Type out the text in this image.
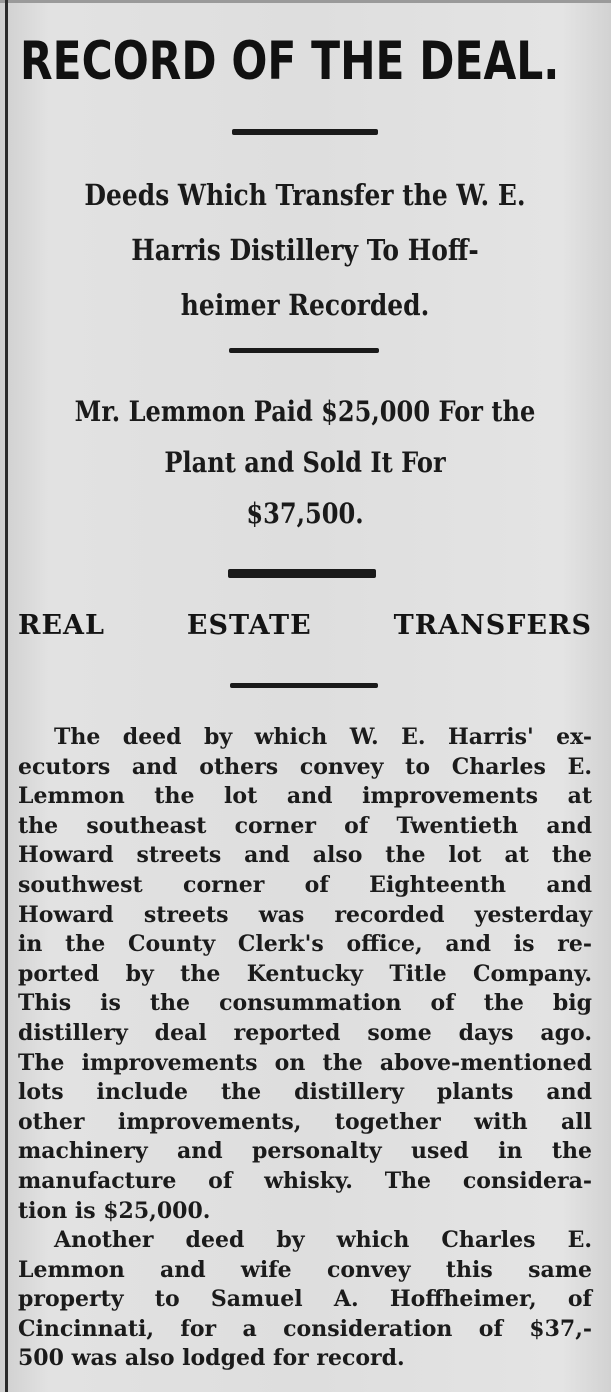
RECORD OF THE DEAL.
Deeds Which Transfer the W. E.
Harris Distillery To Hoff-
heimer Recorded.
Mr. Lemmon Paid $25,000 For the
Plant and Sold It For
$37,500.
REAL	ESTATE	TRANSFERS
The deed by which W. E. Harris' ex-
ecutors and others convey to Charles E.
Lemmon the lot and improvements at
the southeast corner of Twentieth and
Howard streets and also the lot at the
southwest corner of Eighteenth and
Howard streets was recorded yesterday
in the County Clerk's office, and is re-
ported by the Kentucky Title Company.
This is the consummation of the big
distillery deal reported some days ago.
The improvements on the above-mentioned
lots include the distillery plants and
other improvements, together with all
machinery and personalty used in the
manufacture of whisky. The considera-
tion is $25,000.
Another deed by which Charles E.
Lemmon and wife convey this same
property to Samuel A. Hoffheimer, of
Cincinnati, for a consideration of $37,-
500 was also lodged for record.
